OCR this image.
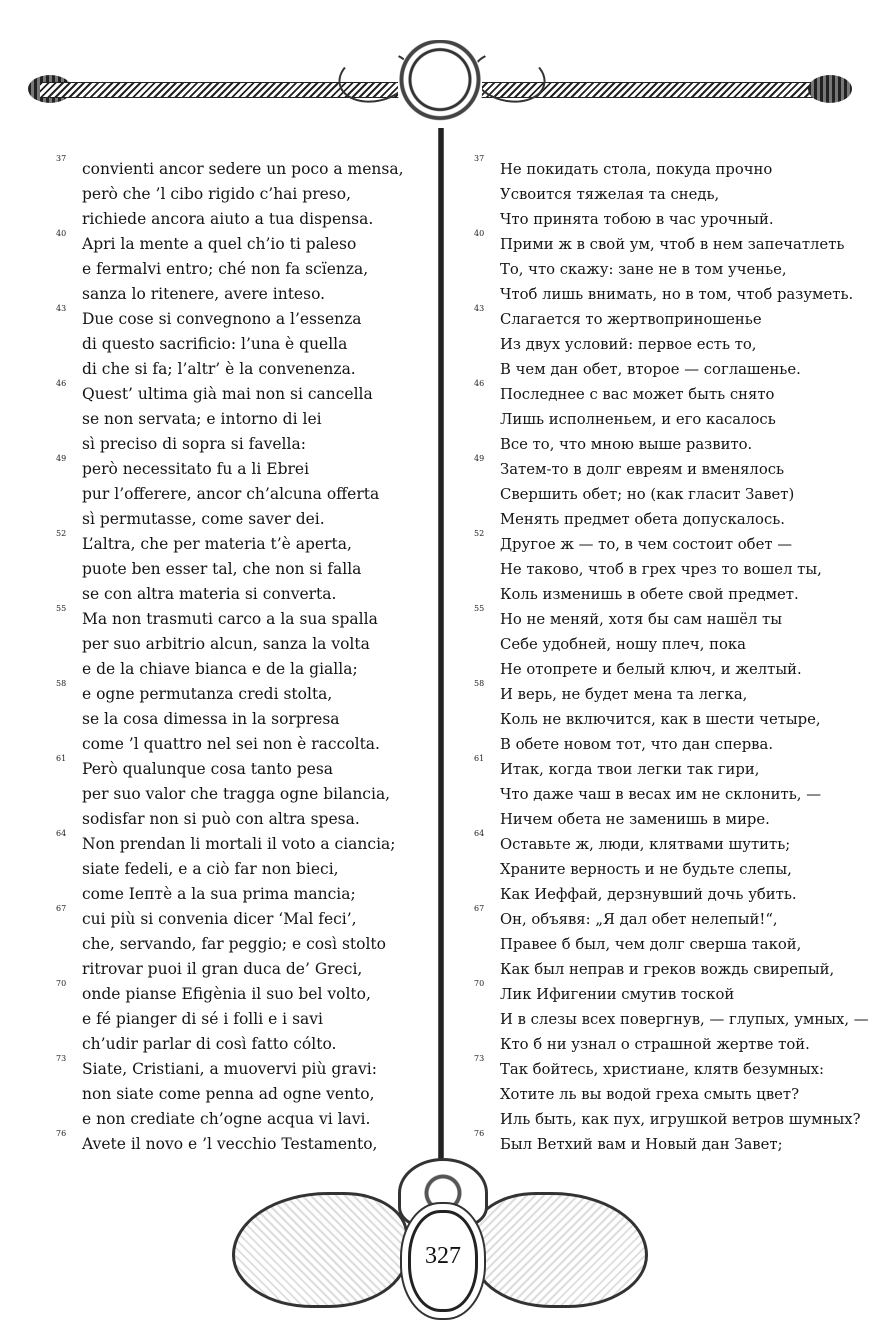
37
convienti ancor sedere un poco a mensa,
però che ’l cibo rigido c’hai preso,
richiede ancora aiuto a tua dispensa.
40
Apri la mente a quel ch’io ti paleso
e fermalvi entro; ché non fa scïenza,
sanza lo ritenere, avere inteso.
43
Due cose si convegnono a l’essenza
di questo sacrificio: l’una è quella
di che si fa; l’altr’ è la convenenza.
46
Quest’ ultima già mai non si cancella
se non servata; e intorno di lei
sì preciso di sopra si favella:
49
però necessitato fu a li Ebrei
pur l’offerere, ancor ch’alcuna offerta
sì permutasse, come saver dei.
52
L’altra, che per materia t’è aperta,
puote ben esser tal, che non si falla
se con altra materia si converta.
55
Ma non trasmuti carco a la sua spalla
per suo arbitrio alcun, sanza la volta
e de la chiave bianca e de la gialla;
58
e ogne permutanza credi stolta,
se la cosa dimessa in la sorpresa
come ’l quattro nel sei non è raccolta.
61
Però qualunque cosa tanto pesa
per suo valor che tragga ogne bilancia,
sodisfar non si può con altra spesa.
64
Non prendan li mortali il voto a ciancia;
siate fedeli, e a ciò far non bieci,
come Iептè a la sua prima mancia;
67
cui più si convenia dicer ‘Mal feci’,
che, servando, far peggio; e così stolto
ritrovar puoi il gran duca de’ Greci,
70
onde pianse Efigènia il suo bel volto,
e fé pianger di sé i folli e i savi
ch’udir parlar di così fatto cólto.
73
Siate, Cristiani, a muovervi più gravi:
non siate come penna ad ogne vento,
e non crediate ch’ogne acqua vi lavi.
76
Avete il novo e ’l vecchio Testamento,
37
Не покидать стола, покуда прочно
Усвоится тяжелая та снедь,
Что принята тобою в час урочный.
40
Прими ж в свой ум, чтоб в нем запечатлеть
То, что скажу: зане не в том ученье,
Чтоб лишь внимать, но в том, чтоб разуметь.
43
Слагается то жертвоприношенье
Из двух условий: первое есть то,
В чем дан обет, второе — соглашенье.
46
Последнее с вас может быть снято
Лишь исполненьем, и его касалось
Все то, что мною выше развито.
49
Затем-то в долг евреям и вменялось
Свершить обет; но (как гласит Завет)
Менять предмет обета допускалось.
52
Другое ж — то, в чем состоит обет —
Не таково, чтоб в грех чрез то вошел ты,
Коль изменишь в обете свой предмет.
55
Но не меняй, хотя бы сам нашёл ты
Себе удобней, ношу плеч, пока
Не отопрете и белый ключ, и желтый.
58
И верь, не будет мена та легка,
Коль не включится, как в шести четыре,
В обете новом тот, что дан сперва.
61
Итак, когда твои легки так гири,
Что даже чаш в весах им не склонить, —
Ничем обета не заменишь в мире.
64
Оставьте ж, люди, клятвами шутить;
Храните верность и не будьте слепы,
Как Иеффай, дерзнувший дочь убить.
67
Он, объявя: „Я дал обет нелепый!“,
Правее б был, чем долг сверша такой,
Как был неправ и греков вождь свирепый,
70
Лик Ифигении смутив тоской
И в слезы всех повергнув, — глупых, умных, —
Кто б ни узнал о страшной жертве той.
73
Так бойтесь, христиане, клятв безумных:
Хотите ль вы водой греха смыть цвет?
Иль быть, как пух, игрушкой ветров шумных?
76
Был Ветхий вам и Новый дан Завет;
327
